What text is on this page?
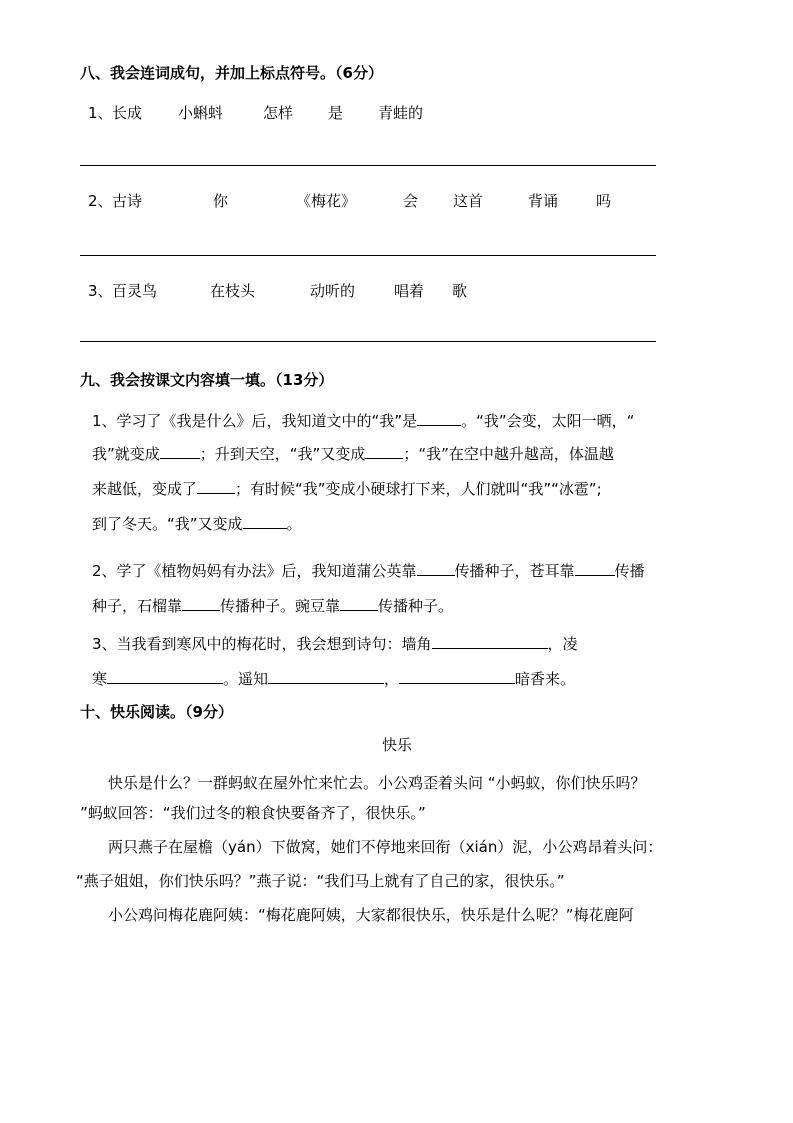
八、我会连词成句，并加上标点符号。（6分）
1、 长成 小蝌蚪	怎样 是 青蛙的
2、 古诗	你	《梅花》	会 这首	背诵	吗
3、 百灵鸟	在枝头	动听的	唱着 歌
九、我会按课文内容填一填。（13分）
1、学习了《我是什么》后，我知道文中的“我”是	。“我”会变，太阳一晒，“
我”就变成	；升到天空，“我”又变成	；“我”在空中越升越高，体温越
来越低，变成了	；有时候“我”变成小硬球打下来，人们就叫“我”“冰雹”;
到了冬天。“我”又变成	。
2、学了《植物妈妈有办法》后，我知道蒲公英靠	传播种子，苍耳靠	传播
种子，石榴靠	传播种子。豌豆靠	传播种子。
3、当我看到寒风中的梅花时，我会想到诗句：墙角	，凌
寒	。遥知	，	暗香来。
十、快乐阅读。（9分）
快乐
快乐是什么？一群蚂蚁在屋外忙来忙去。小公鸡歪着头问 “小蚂蚁，你们快乐吗？
”蚂蚁回答：“我们过冬的粮食快要备齐了，很快乐。”
两只燕子在屋檐（yán）下做窝，她们不停地来回衔（xián）泥，小公鸡昂着头问：
“燕子姐姐，你们快乐吗？”燕子说：“我们马上就有了自己的家，很快乐。”
小公鸡问梅花鹿阿姨：“梅花鹿阿姨，大家都很快乐，快乐是什么呢？”梅花鹿阿
